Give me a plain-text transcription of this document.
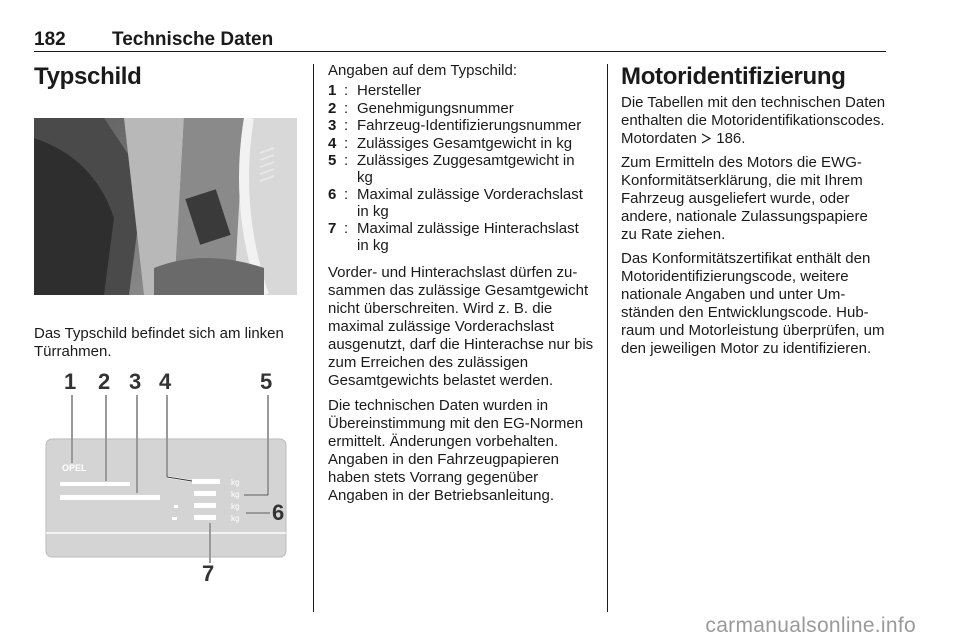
182 Technische Daten
Typschild
Das Typschild befindet sich am linken Türrahmen.
OPEL
kg
kg
kg
kg
1 2 3 4	5
6
7
Angaben auf dem Typschild:
1 : Hersteller
2 : Genehmigungsnummer
3 : Fahrzeug-Identifizierungsnummer
4 : Zulässiges Gesamtgewicht in kg
5 : Zulässiges Zuggesamtgewicht in kg
6 : Maximal zulässige Vorderachslast in kg
7 : Maximal zulässige Hinterachslast in kg
Vorder- und Hinterachslast dürfen zusammen das zulässige Gesamtgewicht nicht überschreiten. Wird z. B. die maximal zulässige Vorderachslast ausgenutzt, darf die Hinterachse nur bis zum Erreichen des zulässigen Gesamtgewichts belastet werden.
Die technischen Daten wurden in Übereinstimmung mit den EG-Normen ermittelt. Änderungen vorbehalten. Angaben in den Fahrzeugpapieren haben stets Vorrang gegenüber Angaben in der Betriebsanleitung.
Motoridentifizierung
Die Tabellen mit den technischen Daten enthalten die Motoridentifikationscodes. Motordaten 186.
Zum Ermitteln des Motors die EWG-Konformitätserklärung, die mit Ihrem Fahrzeug ausgeliefert wurde, oder andere, nationale Zulassungspapiere zu Rate ziehen.
Das Konformitätszertifikat enthält den Motoridentifizierungscode, weitere nationale Angaben und unter Umständen den Entwicklungscode. Hubraum und Motorleistung überprüfen, um den jeweiligen Motor zu identifizieren.
carmanualsonline.info
